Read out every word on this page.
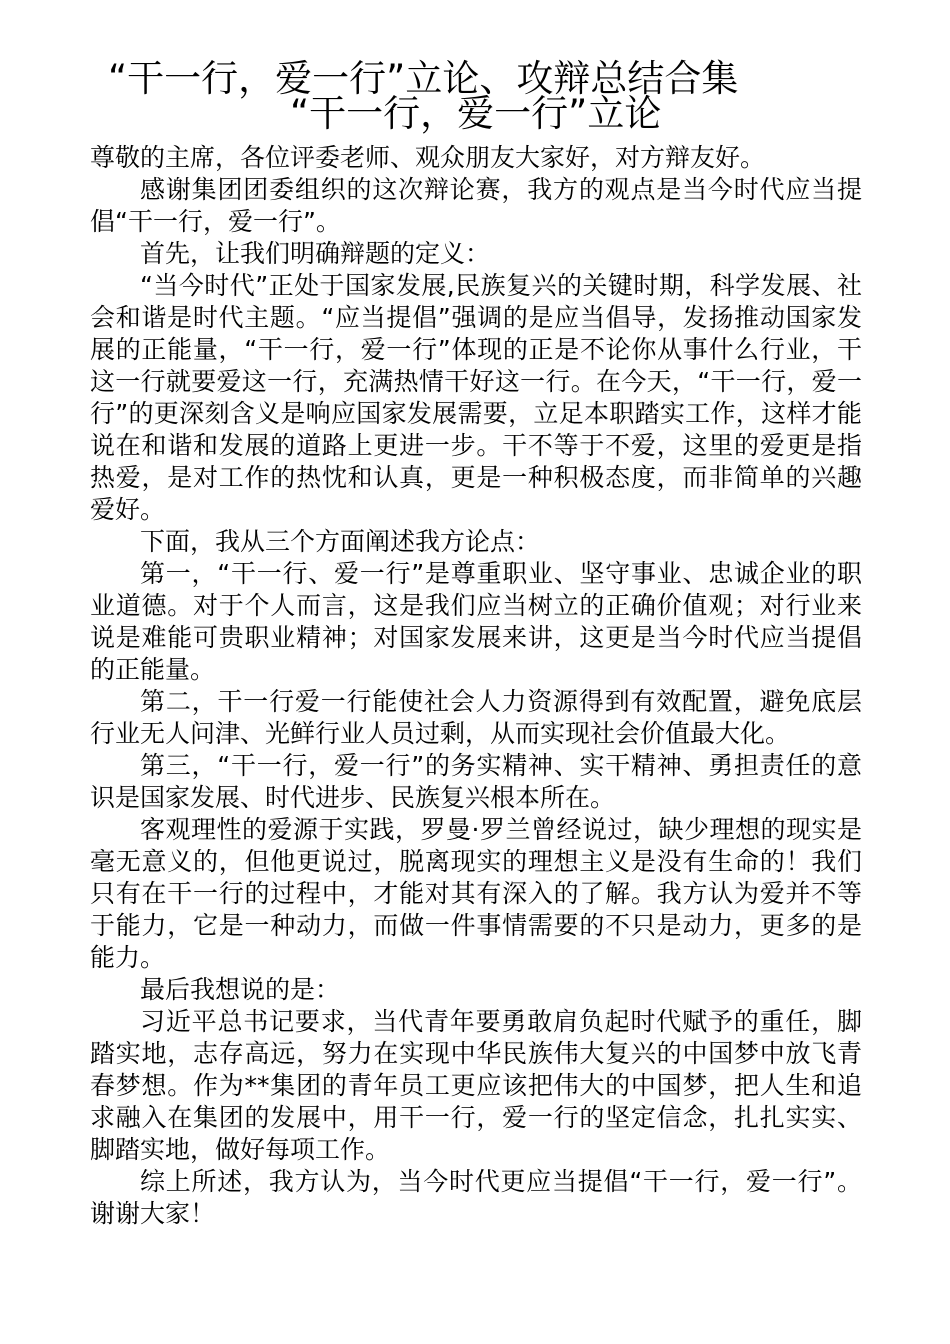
“干一行，爱一行”立论、攻辩总结合集
“干一行，爱一行”立论

尊敬的主席，各位评委老师、观众朋友大家好，对方辩友好。

感谢集团团委组织的这次辩论赛，我方的观点是当今时代应当提倡“干一行，爱一行”。

首先，让我们明确辩题的定义：

“当今时代”正处于国家发展,民族复兴的关键时期，科学发展、社会和谐是时代主题。“应当提倡”强调的是应当倡导，发扬推动国家发展的正能量，“干一行，爱一行”体现的正是不论你从事什么行业，干这一行就要爱这一行，充满热情干好这一行。在今天，“干一行，爱一行”的更深刻含义是响应国家发展需要，立足本职踏实工作，这样才能说在和谐和发展的道路上更进一步。干不等于不爱，这里的爱更是指热爱，是对工作的热忱和认真，更是一种积极态度，而非简单的兴趣爱好。

下面，我从三个方面阐述我方论点：

第一，“干一行、爱一行”是尊重职业、坚守事业、忠诚企业的职业道德。对于个人而言，这是我们应当树立的正确价值观；对行业来说是难能可贵职业精神；对国家发展来讲，这更是当今时代应当提倡的正能量。

第二，干一行爱一行能使社会人力资源得到有效配置，避免底层行业无人问津、光鲜行业人员过剩，从而实现社会价值最大化。

第三，“干一行，爱一行”的务实精神、实干精神、勇担责任的意识是国家发展、时代进步、民族复兴根本所在。

客观理性的爱源于实践，罗曼·罗兰曾经说过，缺少理想的现实是毫无意义的，但他更说过，脱离现实的理想主义是没有生命的！我们只有在干一行的过程中，才能对其有深入的了解。我方认为爱并不等于能力，它是一种动力，而做一件事情需要的不只是动力，更多的是能力。

最后我想说的是：

习近平总书记要求，当代青年要勇敢肩负起时代赋予的重任，脚踏实地，志存高远，努力在实现中华民族伟大复兴的中国梦中放飞青春梦想。作为**集团的青年员工更应该把伟大的中国梦，把人生和追求融入在集团的发展中，用干一行，爱一行的坚定信念，扎扎实实、脚踏实地，做好每项工作。

综上所述，我方认为，当今时代更应当提倡“干一行，爱一行”。谢谢大家！
